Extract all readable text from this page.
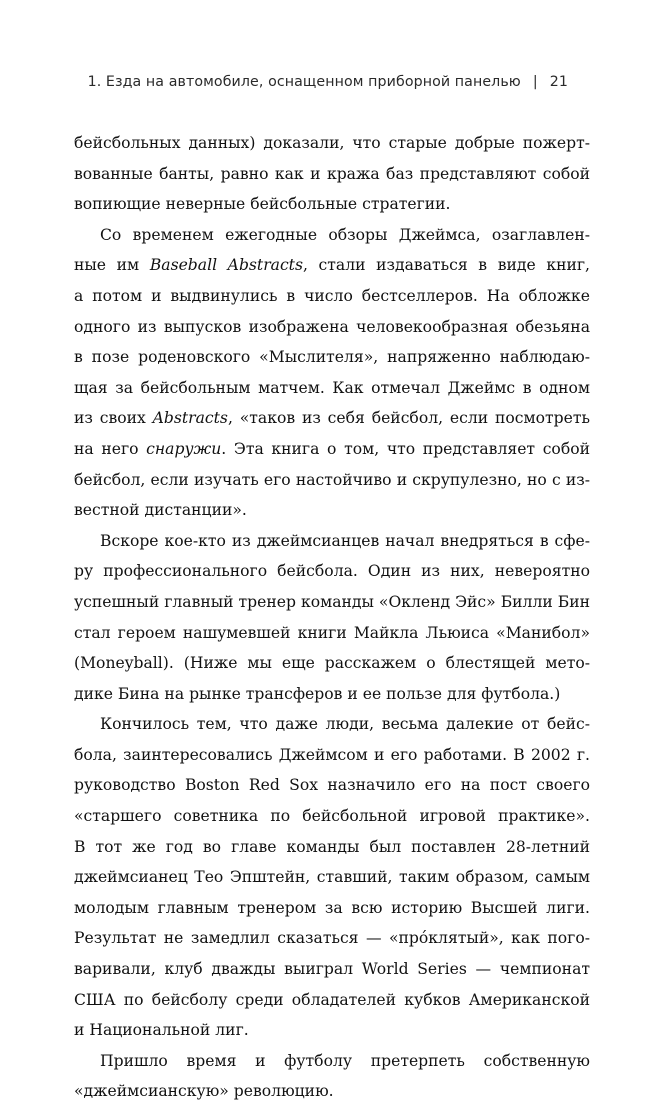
1. Езда на автомобиле, оснащенном приборной панелью | 21
бейсбольных данных) доказали, что старые добрые пожерт-
вованные банты, равно как и кража баз представляют собой
вопиющие неверные бейсбольные стратегии.
Со временем ежегодные обзоры Джеймса, озаглавлен-
ные им Baseball Abstracts, стали издаваться в виде книг,
а потом и выдвинулись в число бестселлеров. На обложке
одного из выпусков изображена человекообразная обезьяна
в позе роденовского «Мыслителя», напряженно наблюдаю-
щая за бейсбольным матчем. Как отмечал Джеймс в одном
из своих Abstracts, «таков из себя бейсбол, если посмотреть
на него снаружи. Эта книга о том, что представляет собой
бейсбол, если изучать его настойчиво и скрупулезно, но с из-
вестной дистанции».
Вскоре кое-кто из джеймсианцев начал внедряться в сфе-
ру профессионального бейсбола. Один из них, невероятно
успешный главный тренер команды «Окленд Эйс» Билли Бин
стал героем нашумевшей книги Майкла Льюиса «Манибол»
(Moneyball). (Ниже мы еще расскажем о блестящей мето-
дике Бина на рынке трансферов и ее пользе для футбола.)
Кончилось тем, что даже люди, весьма далекие от бейс-
бола, заинтересовались Джеймсом и его работами. В 2002 г.
руководство Boston Red Sox назначило его на пост своего
«старшего советника по бейсбольной игровой практике».
В тот же год во главе команды был поставлен 28-летний
джеймсианец Тео Эпштейн, ставший, таким образом, самым
молодым главным тренером за всю историю Высшей лиги.
Результат не замедлил сказаться — «прóклятый», как пого-
варивали, клуб дважды выиграл World Series — чемпионат
США по бейсболу среди обладателей кубков Американской
и Национальной лиг.
Пришло время и футболу претерпеть собственную
«джеймсианскую» революцию.
